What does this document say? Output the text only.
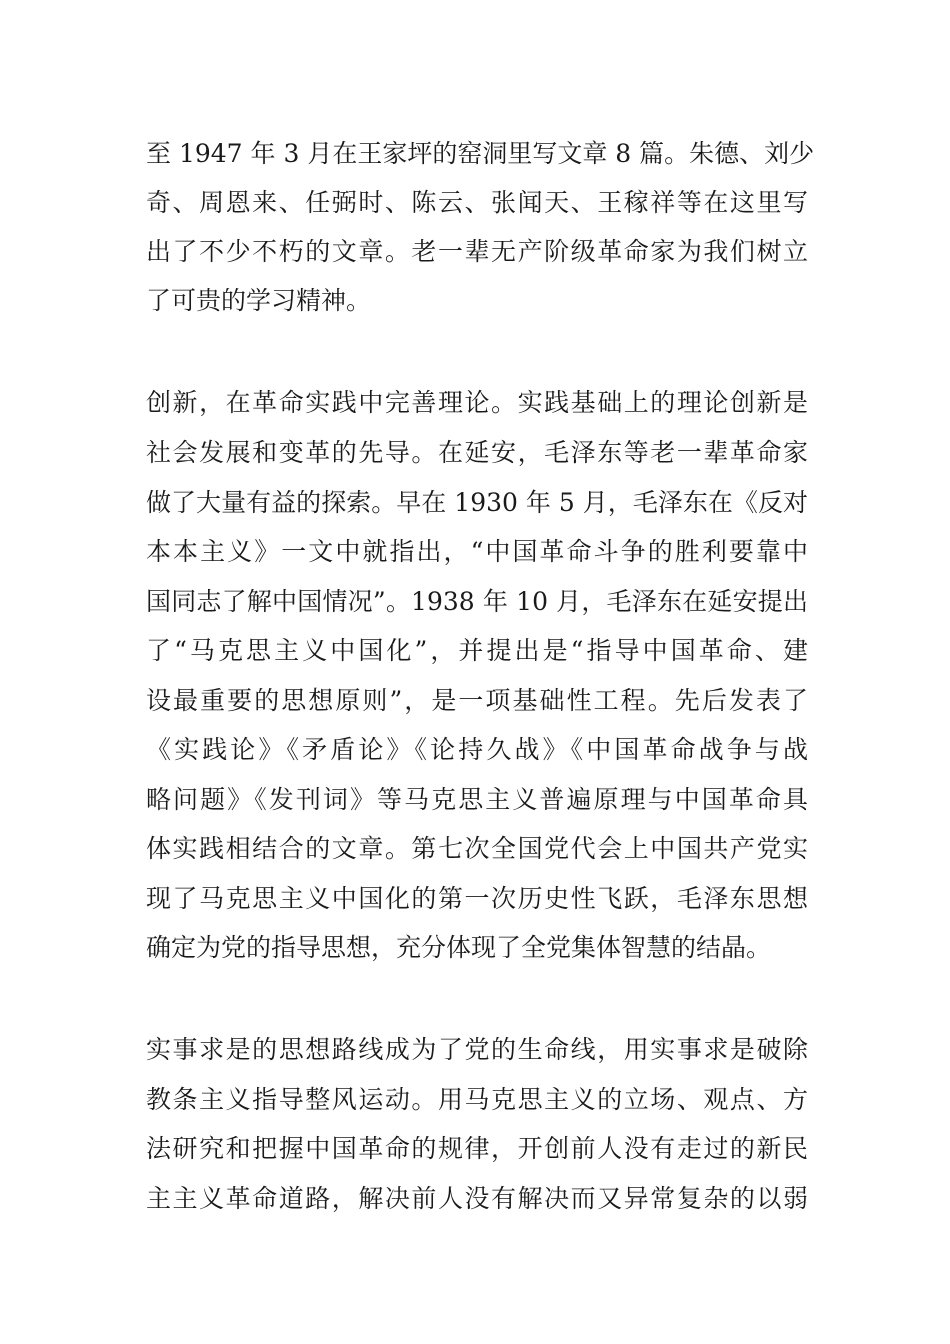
至 1947 年 3 月在王家坪的窑洞里写文章 8 篇。朱德、刘少

奇、周恩来、任弼时、陈云、张闻天、王稼祥等在这里写

出了不少不朽的文章。老一辈无产阶级革命家为我们树立

了可贵的学习精神。

创新，在革命实践中完善理论。实践基础上的理论创新是

社会发展和变革的先导。在延安，毛泽东等老一辈革命家

做了大量有益的探索。早在 1930 年 5 月，毛泽东在《反对

本本主义》一文中就指出，“中国革命斗争的胜利要靠中

国同志了解中国情况”。1938 年 10 月，毛泽东在延安提出

了“马克思主义中国化”，并提出是“指导中国革命、建

设最重要的思想原则”，是一项基础性工程。先后发表了

《实践论》《矛盾论》《论持久战》《中国革命战争与战

略问题》《发刊词》等马克思主义普遍原理与中国革命具

体实践相结合的文章。第七次全国党代会上中国共产党实

现了马克思主义中国化的第一次历史性飞跃，毛泽东思想

确定为党的指导思想，充分体现了全党集体智慧的结晶。

实事求是的思想路线成为了党的生命线，用实事求是破除

教条主义指导整风运动。用马克思主义的立场、观点、方

法研究和把握中国革命的规律，开创前人没有走过的新民

主主义革命道路，解决前人没有解决而又异常复杂的以弱
